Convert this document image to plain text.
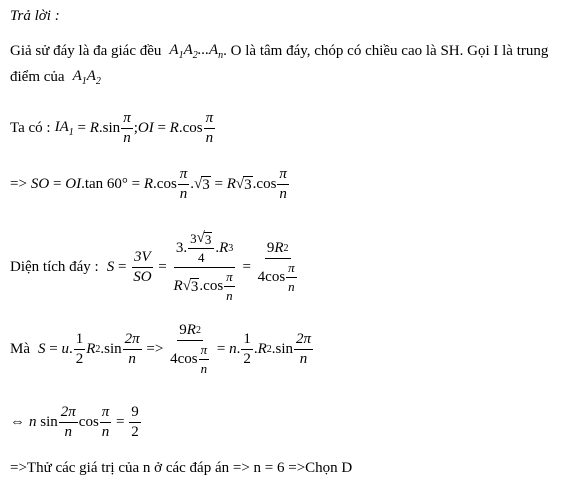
Trả lời :
Giả sử đáy là đa giác đều $A_1A_2...A_n$ . O là tâm đáy, chóp có chiều cao là SH. Gọi I là trung
điểm của $A_1A_2$
Ta có : $IA_1 = R$ $.\sin \frac{\pi}{n}$ ; OI = R $.\cos \frac{\pi}{n}$
=> SO = OI .tan 60° = R $.\cos \frac{\pi}{n}$ . √ 3 = R √ 3 $.\cos \frac{\pi}{n}$
Diện tích đáy : $S = \frac{3 V}{SO} = \frac{3. \frac{3 √ 3}{4} . R 3}{R √ 3 .\cos \frac{\pi}{n}} = \frac{9 R 2}{4\cos \frac{\pi}{n}}$
Mà S = u . $\frac{1}{2}$ R 2 $.\sin \frac{2\pi}{n} => \frac{9 R 2}{4\cos \frac{\pi}{n}} = n$ . $\frac{1}{2}$ . R 2 $.\sin \frac{2\pi}{n}$
⇔ n $\sin \frac{2\pi}{n}$ $\cos \frac{\pi}{n} = \frac{9}{2}$
=>Thử các giá trị của n ở các đáp án => n = 6 =>Chọn D
